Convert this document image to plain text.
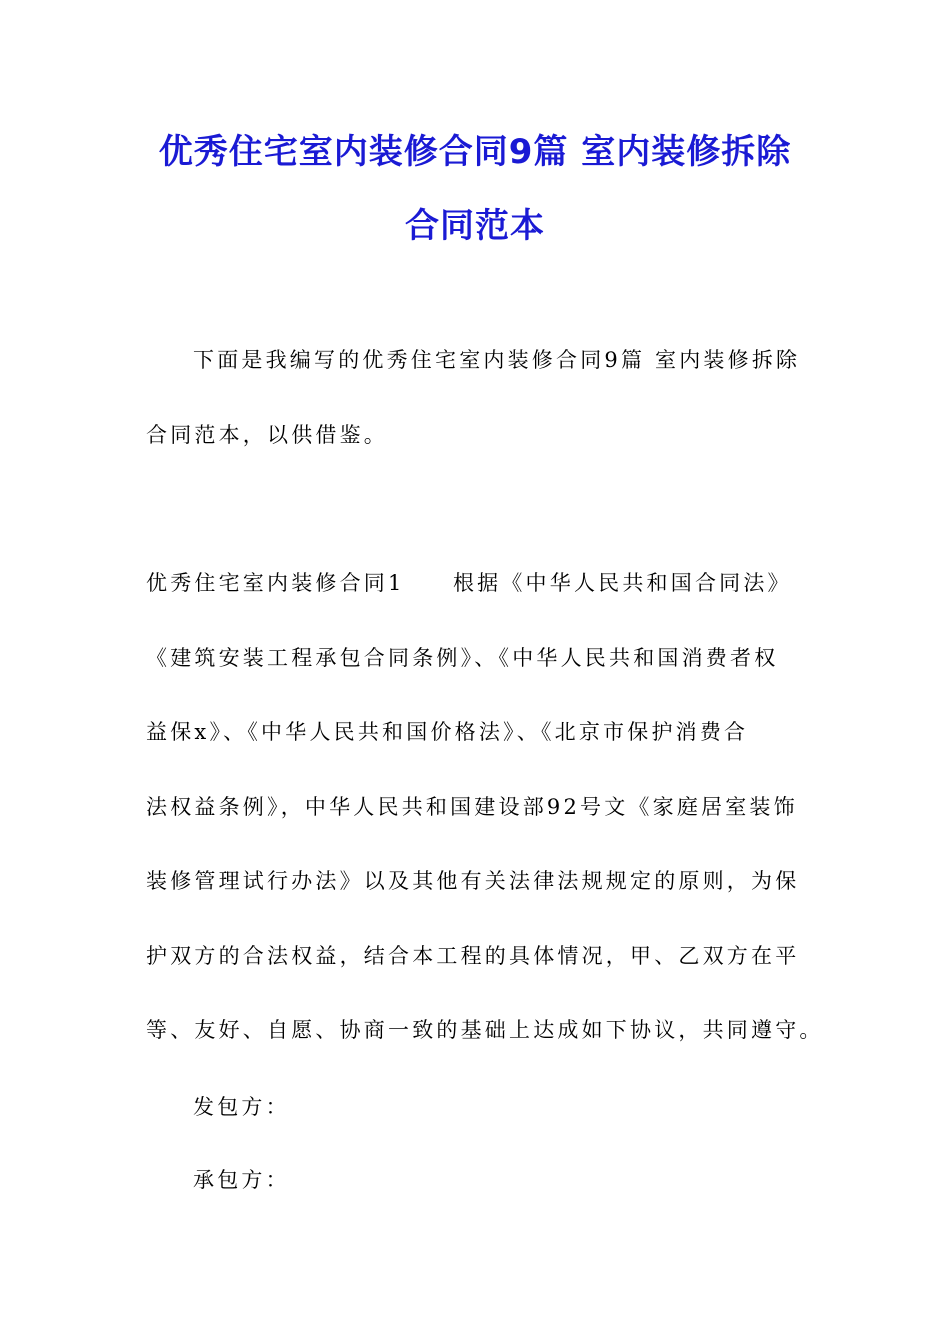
优秀住宅室内装修合同9篇 室内装修拆除
合同范本

下面是我编写的优秀住宅室内装修合同9篇 室内装修拆除

合同范本，以供借鉴。

优秀住宅室内装修合同1　　根据《中华人民共和国合同法》

《建筑安装工程承包合同条例》、《中华人民共和国消费者权

益保x》、《中华人民共和国价格法》、《北京市保护消费合

法权益条例》，中华人民共和国建设部92号文《家庭居室装饰

装修管理试行办法》以及其他有关法律法规规定的原则，为保

护双方的合法权益，结合本工程的具体情况，甲、乙双方在平

等、友好、自愿、协商一致的基础上达成如下协议，共同遵守。

发包方：

承包方：
